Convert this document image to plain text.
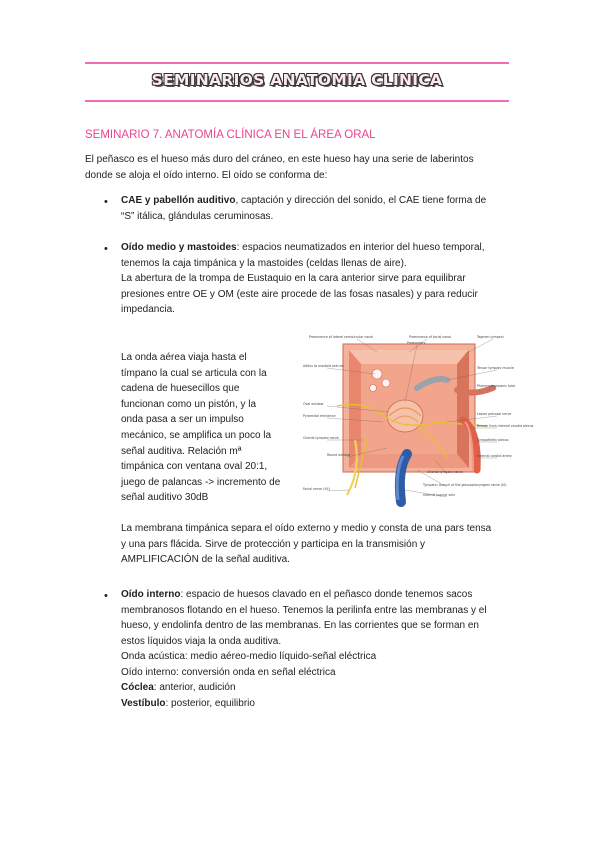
SEMINARIOS ANATOMIA CLINICA
SEMINARIO 7. ANATOMÍA CLÍNICA EN EL ÁREA ORAL
El peñasco es el hueso más duro del cráneo, en este hueso hay una serie de laberintos
donde se aloja el oído interno. El oído se conforma de:
• CAE y pabellón auditivo, captación y dirección del sonido, el CAE tiene forma de
“S” itálica, glándulas ceruminosas.
• Oído medio y mastoides: espacios neumatizados en interior del hueso temporal,
tenemos la caja timpánica y la mastoides (celdas llenas de aire).
La abertura de la trompa de Eustaquio en la cara anterior sirve para equilibrar
presiones entre OE y OM (este aire procede de las fosas nasales) y para reducir
impedancia.
La onda aérea viaja hasta el
tímpano la cual se articula con la
cadena de huesecillos que
funcionan como un pistón, y la
onda pasa a ser un impulso
mecánico, se amplifica un poco la
señal auditiva. Relación mª
timpánica con ventana oval 20:1,
juego de palancas -> incremento de
señal auditivo 30dB
Prominence of lateral semicircular canal	Prominence of facial canal	Tegmen tympani
Promontory
Tensor tympani muscle
Aditus to mastoid antrum
Pharyngotympanic tube
Oval window
Pyramidal eminence	Lesser petrosal nerve
Branch from internal carotid plexus
Chorda tympani nerve	Sympathetic plexus
Round window	Internal carotid artery
Chorda tympani nerve
Facial nerve (VII)
Tympanic branch of the glossopharyngeal nerve (IX)
Internal jugular vein
La membrana timpánica separa el oído externo y medio y consta de una pars tensa
y una pars flácida. Sirve de protección y participa en la transmisión y
AMPLIFICACIÓN de la señal auditiva.
• Oído interno: espacio de huesos clavado en el peñasco donde tenemos sacos
membranosos flotando en el hueso. Tenemos la perilinfa entre las membranas y el
hueso, y endolinfa dentro de las membranas. En las corrientes que se forman en
estos líquidos viaja la onda auditiva.
Onda acústica: medio aéreo-medio líquido-señal eléctrica
Oído interno: conversión onda en señal eléctrica
Cóclea: anterior, audición
Vestíbulo: posterior, equilibrio
